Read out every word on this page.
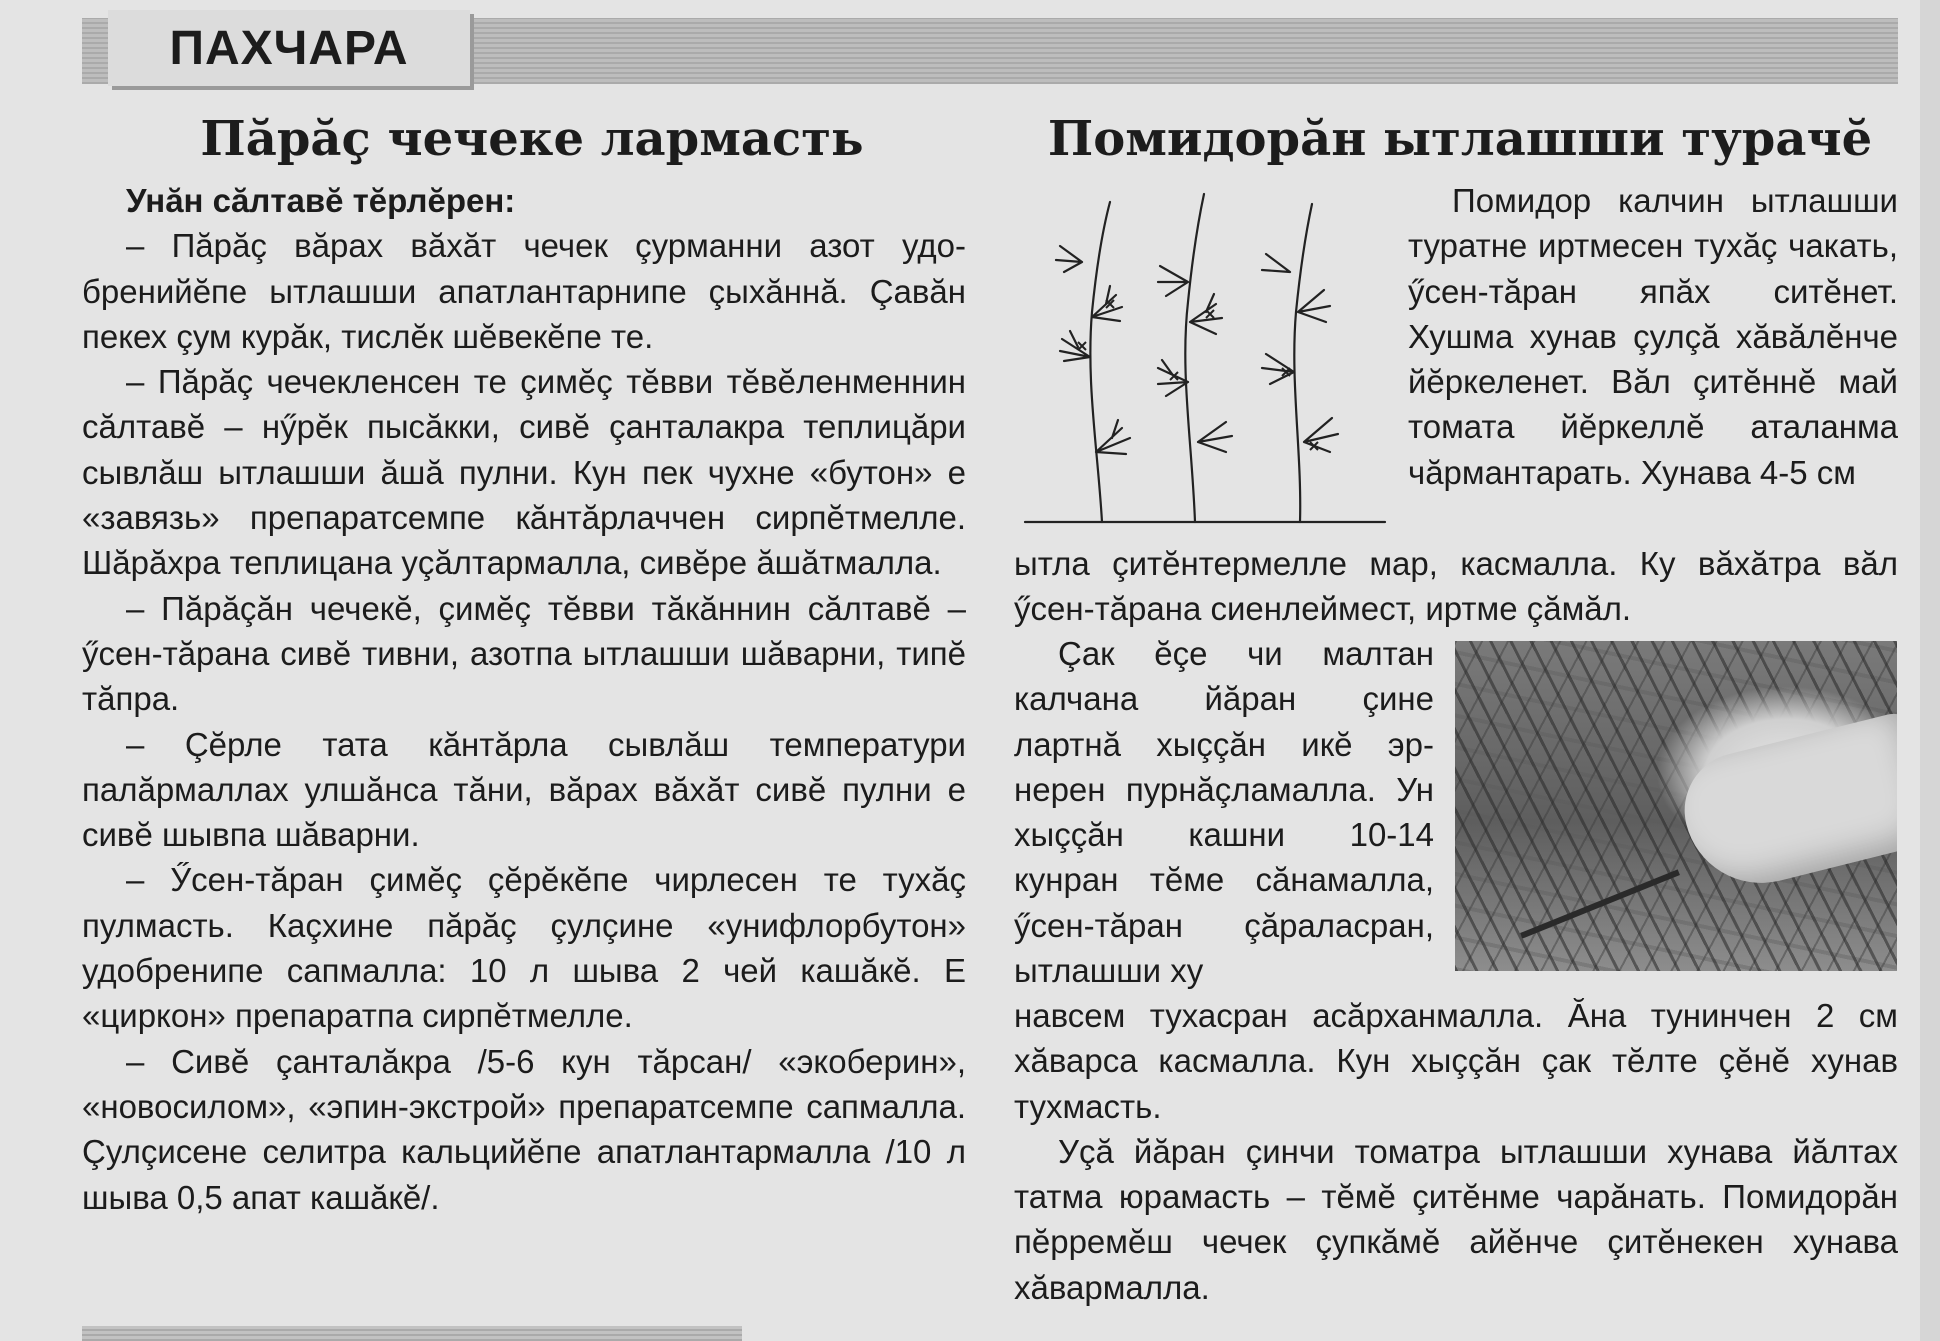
ПАХЧАРА
Пăрăç чечеке лармасть	Помидорăн ытлашши турачĕ

Унăн сăлтавĕ тĕрлĕрен:

– Пăрăç вăрах вăхăт чечек çурманни азот удобренийĕпе ытлашши апатлантарнипе çыхăннă. Çавăн пекех çум курăк, тислĕк шĕвекĕпе те.

– Пăрăç чечекленсен те çимĕç тĕвви тĕвĕленменнин сăлтавĕ – нӳрĕк пысăкки, сивĕ çанталакра теплицăри сывлăш ытлашши ăшă пулни. Кун пек чухне «бутон» е «завязь» препаратсемпе кăнтăрлаччен сирпĕтмелле. Шăрăхра теплицана уçăлтармалла, сивĕре ăшăтмалла.

– Пăрăçăн чечекĕ, çимĕç тĕвви тăкăннин сăлтавĕ – ӳсен-тăрана сивĕ тивни, азотпа ытлашши шăварни, типĕ тăпра.

– Çĕрле тата кăнтăрла сывлăш температури палăрмаллах улшăнса тăни, вăрах вăхăт сивĕ пулни е сивĕ шывпа шăварни.

– Ӳсен-тăран çимĕç çĕрĕкĕпе чирлесен те тухăç пулмасть. Каçхине пăрăç çулçине «унифлорбутон» удобренипе сапмалла: 10 л шыва 2 чей кашăкĕ. Е «циркон» препаратпа сирпĕтмелле.

– Сивĕ çанталăкра /5-6 кун тăрсан/ «экоберин», «новосилом», «эпин-экстрой» препаратсемпе сапмалла. Çулçисене селитра кальцийĕпе апатлантармалла /10 л шыва 0,5 апат кашăкĕ/.

Помидор калчин ытлашши туратне иртмесен тухăç чакать, ӳсен-тăран япăх ситĕнет. Хушма хунав çулçă хăвăлĕнче йĕркеленет. Вăл çитĕннĕ май томата йĕркеллĕ аталанма чăрмантарать. Хунава 4-5 см

ытла çитĕнтермелле мар, касмалла. Ку вăхăтра вăл ӳсен-тăрана сиенлеймест, иртме çăмăл.

Çак ĕçе чи малтан калчана йăран çине лартнă хыççăн икĕ эрнерен пурнăçламалла. Ун хыççăн кашни 10-14 кунран тĕме сăнамалла, ӳсен-тăран çăраласран, ытлашши ху

навсем тухасран асăрханмалла. Ăна тунинчен 2 см хăварса касмалла. Кун хыççăн çак тĕлте çĕнĕ хунав тухмасть.

Уçă йăран çинчи томатра ытлашши хунава йăлтах татма юрамасть – тĕмĕ çитĕнме чарăнать. Помидорăн пĕрремĕш чечек çупкăмĕ айĕнче çитĕнекен хунава хăвармалла.
